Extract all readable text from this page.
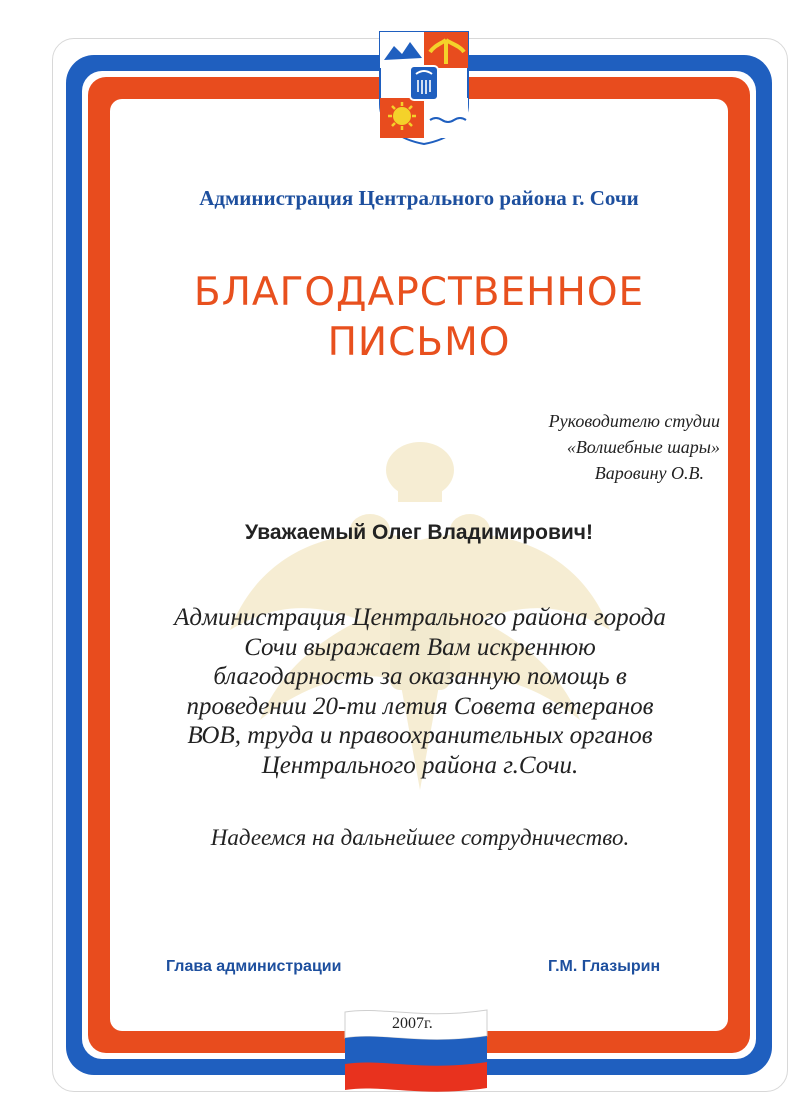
Администрация Центрального района г. Сочи
БЛАГОДАРСТВЕННОЕ
ПИСЬМО
Руководителю студии
«Волшебные шары»
Варовину О.В.
Уважаемый Олег Владимирович!
Администрация Центрального района города
Сочи выражает Вам искреннюю
благодарность за оказанную помощь в
проведении 20-ти летия Совета ветеранов
ВОВ, труда и правоохранительных органов
Центрального района г.Сочи.
Надеемся на дальнейшее сотрудничество.
Глава администрации	Г.М. Глазырин
2007г.
